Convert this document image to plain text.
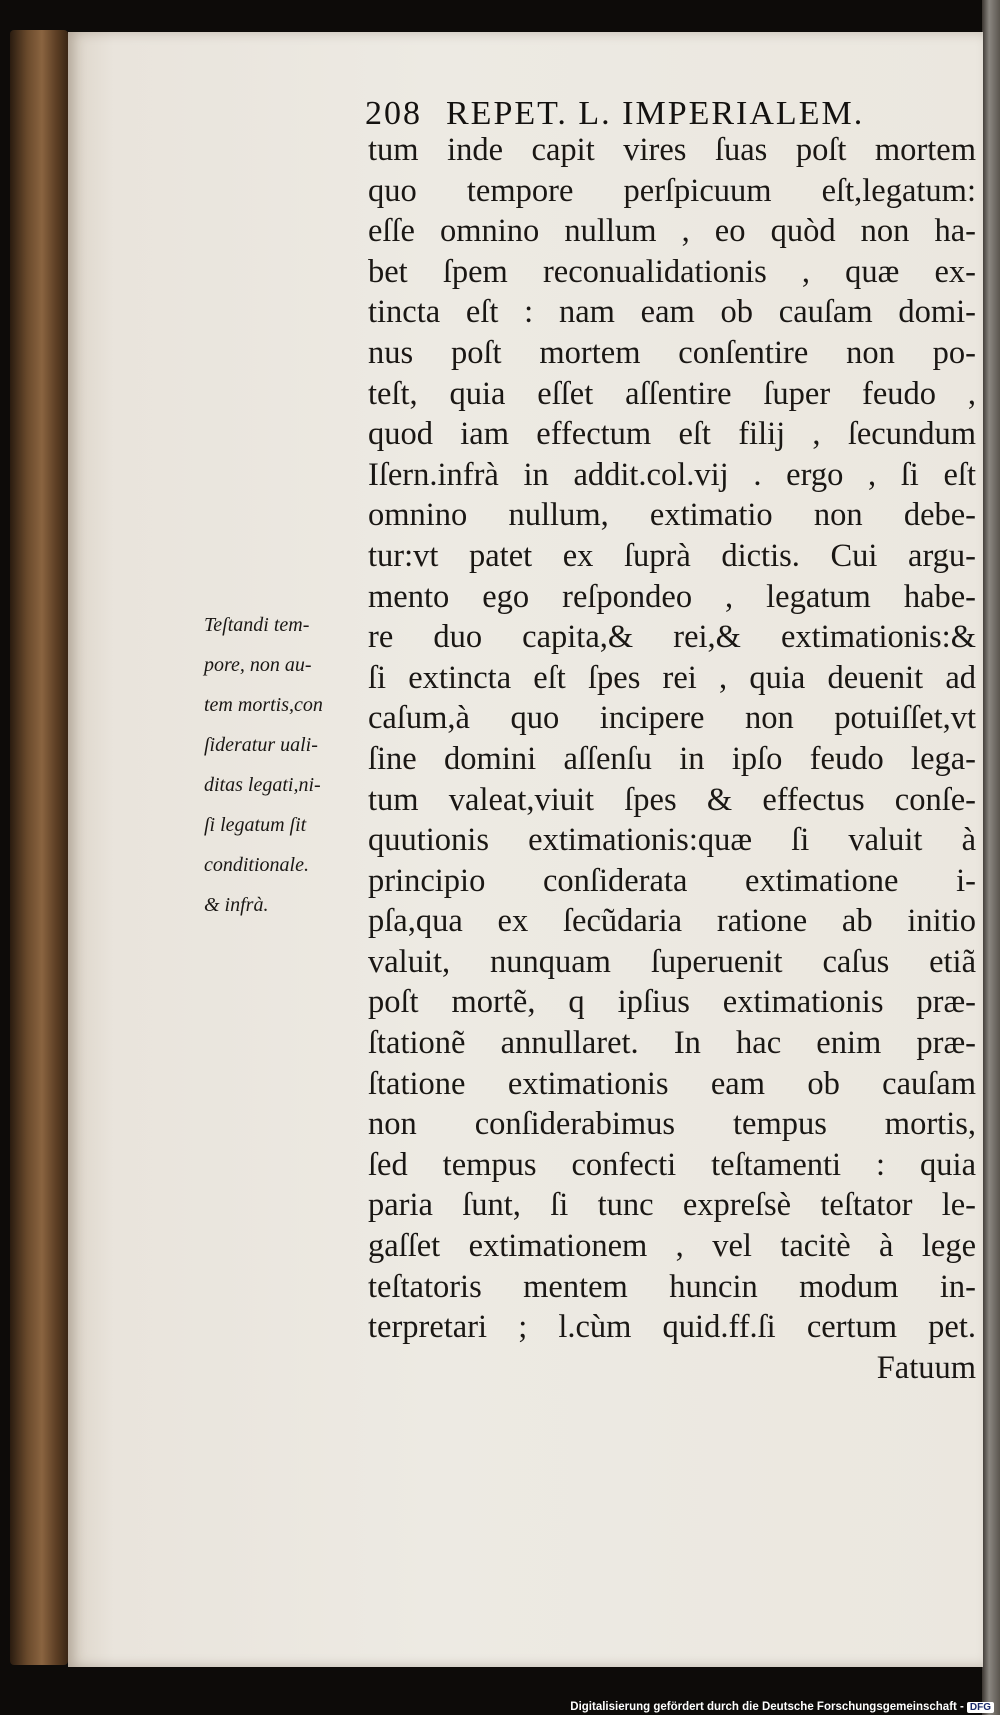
208 REPET. L. IMPERIALEM.
tum inde capit vires ſuas poſt mortem
quo tempore perſpicuum eſt,legatum:
eſſe omnino nullum , eo quòd non ha-
bet ſpem reconualidationis , quæ ex-
tincta eſt : nam eam ob cauſam domi-
nus poſt mortem conſentire non po-
teſt, quia eſſet aſſentire ſuper feudo ,
quod iam effectum eſt filij , ſecundum
Iſern.infrà in addit.col.vij . ergo , ſi eſt
omnino nullum, extimatio non debe-
tur:vt patet ex ſuprà dictis. Cui argu-
mento ego reſpondeo , legatum habe-
re duo capita,& rei,& extimationis:&
ſi extincta eſt ſpes rei , quia deuenit ad
caſum,à quo incipere non potuiſſet,vt
ſine domini aſſenſu in ipſo feudo lega-
tum valeat,viuit ſpes & effectus conſe-
quutionis extimationis:quæ ſi valuit à
principio conſiderata extimatione i-
pſa,qua ex ſecũdaria ratione ab initio
valuit, nunquam ſuperuenit caſus etiã
poſt mortẽ, q ipſius extimationis præ-
ſtationẽ annullaret. In hac enim præ-
ſtatione extimationis eam ob cauſam
non conſiderabimus tempus mortis,
ſed tempus confecti teſtamenti : quia
paria ſunt, ſi tunc expreſsè teſtator le-
gaſſet extimationem , vel tacitè à lege
teſtatoris mentem huncin modum in-
terpretari ; l.cùm quid.ff.ſi certum pet.
Fatuum
Teſtandi tem-
pore, non au-
tem mortis,con
ſideratur uali-
ditas legati,ni-
ſi legatum ſit
conditionale.
& infrà.
Digitalisierung gefördert durch die Deutsche Forschungsgemeinschaft - DFG
